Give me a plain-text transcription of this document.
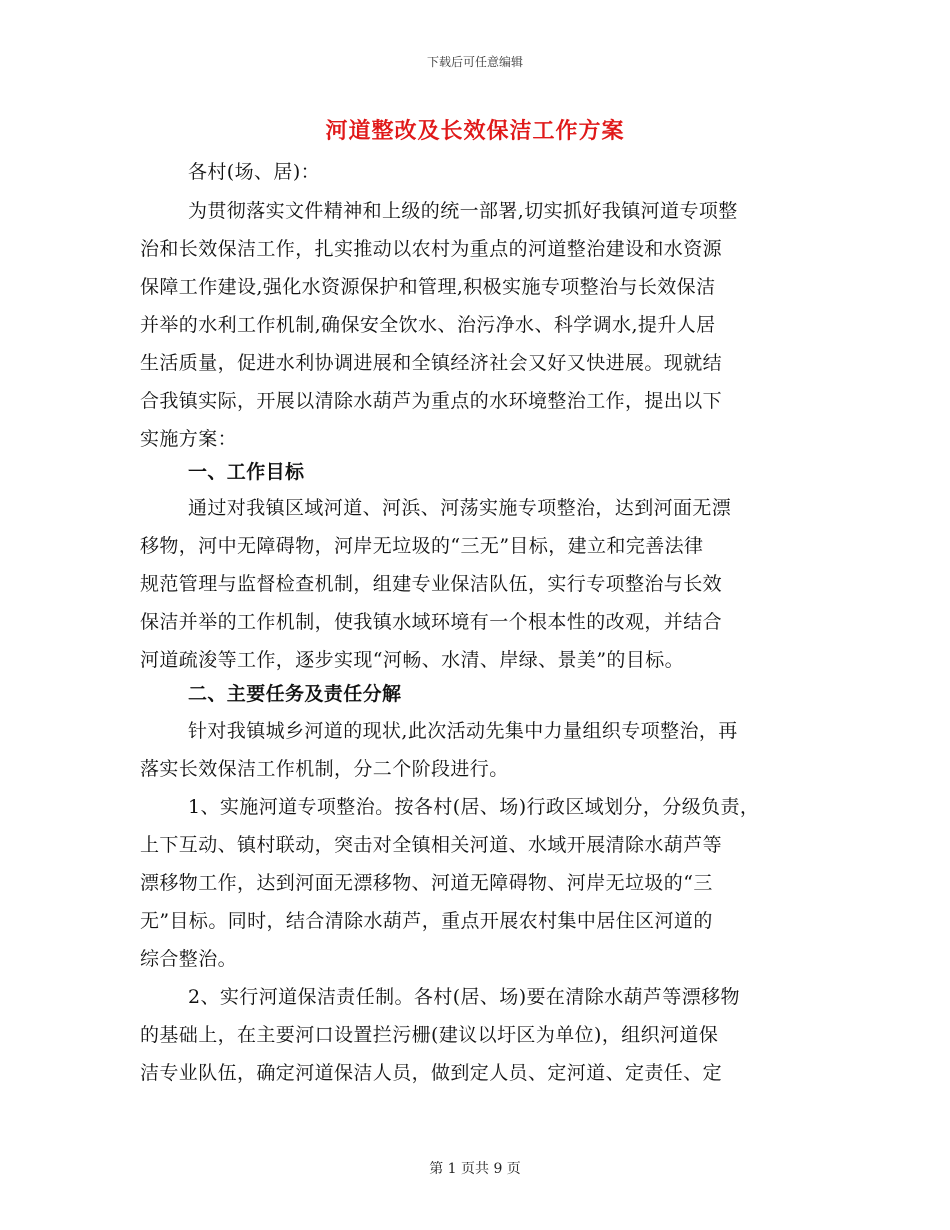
下载后可任意编辑
河道整改及长效保洁工作方案
各村(场、居)：
为贯彻落实文件精神和上级的统一部署,切实抓好我镇河道专项整
治和长效保洁工作，扎实推动以农村为重点的河道整治建设和水资源
保障工作建设,强化水资源保护和管理,积极实施专项整治与长效保洁
并举的水利工作机制,确保安全饮水、治污净水、科学调水,提升人居
生活质量，促进水利协调进展和全镇经济社会又好又快进展。现就结
合我镇实际，开展以清除水葫芦为重点的水环境整治工作，提出以下
实施方案：
一、工作目标
通过对我镇区域河道、河浜、河荡实施专项整治，达到河面无漂
移物，河中无障碍物，河岸无垃圾的“三无”目标，建立和完善法律
规范管理与监督检查机制，组建专业保洁队伍，实行专项整治与长效
保洁并举的工作机制，使我镇水域环境有一个根本性的改观，并结合
河道疏浚等工作，逐步实现“河畅、水清、岸绿、景美”的目标。
二、主要任务及责任分解
针对我镇城乡河道的现状,此次活动先集中力量组织专项整治，再
落实长效保洁工作机制，分二个阶段进行。
1、实施河道专项整治。按各村(居、场)行政区域划分，分级负责，
上下互动、镇村联动，突击对全镇相关河道、水域开展清除水葫芦等
漂移物工作，达到河面无漂移物、河道无障碍物、河岸无垃圾的“三
无”目标。同时，结合清除水葫芦，重点开展农村集中居住区河道的
综合整治。
2、实行河道保洁责任制。各村(居、场)要在清除水葫芦等漂移物
的基础上，在主要河口设置拦污栅(建议以圩区为单位)，组织河道保
洁专业队伍，确定河道保洁人员，做到定人员、定河道、定责任、定
第 1 页共 9 页
